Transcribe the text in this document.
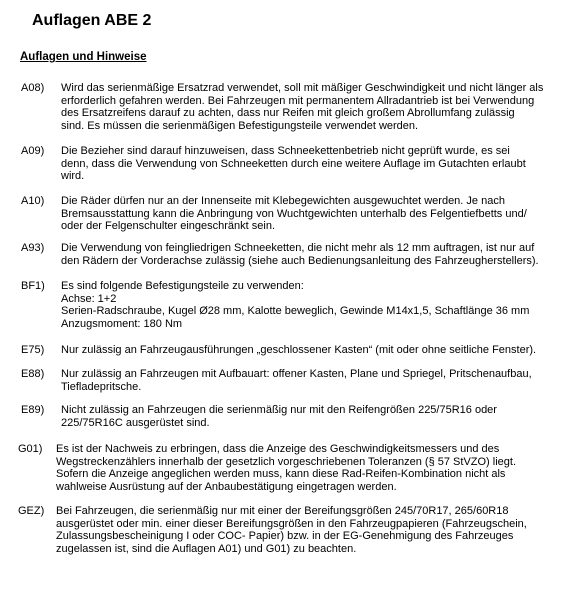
Auflagen ABE 2
Auflagen und Hinweise
A08) Wird das serienmäßige Ersatzrad verwendet, soll mit mäßiger Geschwindigkeit und nicht länger als
erforderlich gefahren werden. Bei Fahrzeugen mit permanentem Allradantrieb ist bei Verwendung
des Ersatzreifens darauf zu achten, dass nur Reifen mit gleich großem Abrollumfang zulässig
sind. Es müssen die serienmäßigen Befestigungsteile verwendet werden.
A09) Die Bezieher sind darauf hinzuweisen, dass Schneekettenbetrieb nicht geprüft wurde, es sei
denn, dass die Verwendung von Schneeketten durch eine weitere Auflage im Gutachten erlaubt
wird.
A10) Die Räder dürfen nur an der Innenseite mit Klebegewichten ausgewuchtet werden. Je nach
Bremsausstattung kann die Anbringung von Wuchtgewichten unterhalb des Felgentiefbetts und/
oder der Felgenschulter eingeschränkt sein.
A93) Die Verwendung von feingliedrigen Schneeketten, die nicht mehr als 12 mm auftragen, ist nur auf
den Rädern der Vorderachse zulässig (siehe auch Bedienungsanleitung des Fahrzeugherstellers).
BF1) Es sind folgende Befestigungsteile zu verwenden:
Achse: 1+2
Serien-Radschraube, Kugel Ø28 mm, Kalotte beweglich, Gewinde M14x1,5, Schaftlänge 36 mm
Anzugsmoment: 180 Nm
E75) Nur zulässig an Fahrzeugausführungen „geschlossener Kasten“ (mit oder ohne seitliche Fenster).
E88) Nur zulässig an Fahrzeugen mit Aufbauart: offener Kasten, Plane und Spriegel, Pritschenaufbau,
Tiefladepritsche.
E89) Nicht zulässig an Fahrzeugen die serienmäßig nur mit den Reifengrößen 225/75R16 oder
225/75R16C ausgerüstet sind.
G01) Es ist der Nachweis zu erbringen, dass die Anzeige des Geschwindigkeitsmessers und des
Wegstreckenzählers innerhalb der gesetzlich vorgeschriebenen Toleranzen (§ 57 StVZO) liegt.
Sofern die Anzeige angeglichen werden muss, kann diese Rad-Reifen-Kombination nicht als
wahlweise Ausrüstung auf der Anbaubestätigung eingetragen werden.
GEZ) Bei Fahrzeugen, die serienmäßig nur mit einer der Bereifungsgrößen 245/70R17, 265/60R18
ausgerüstet oder min. einer dieser Bereifungsgrößen in den Fahrzeugpapieren (Fahrzeugschein,
Zulassungsbescheinigung I oder COC- Papier) bzw. in der EG-Genehmigung des Fahrzeuges
zugelassen ist, sind die Auflagen A01) und G01) zu beachten.
